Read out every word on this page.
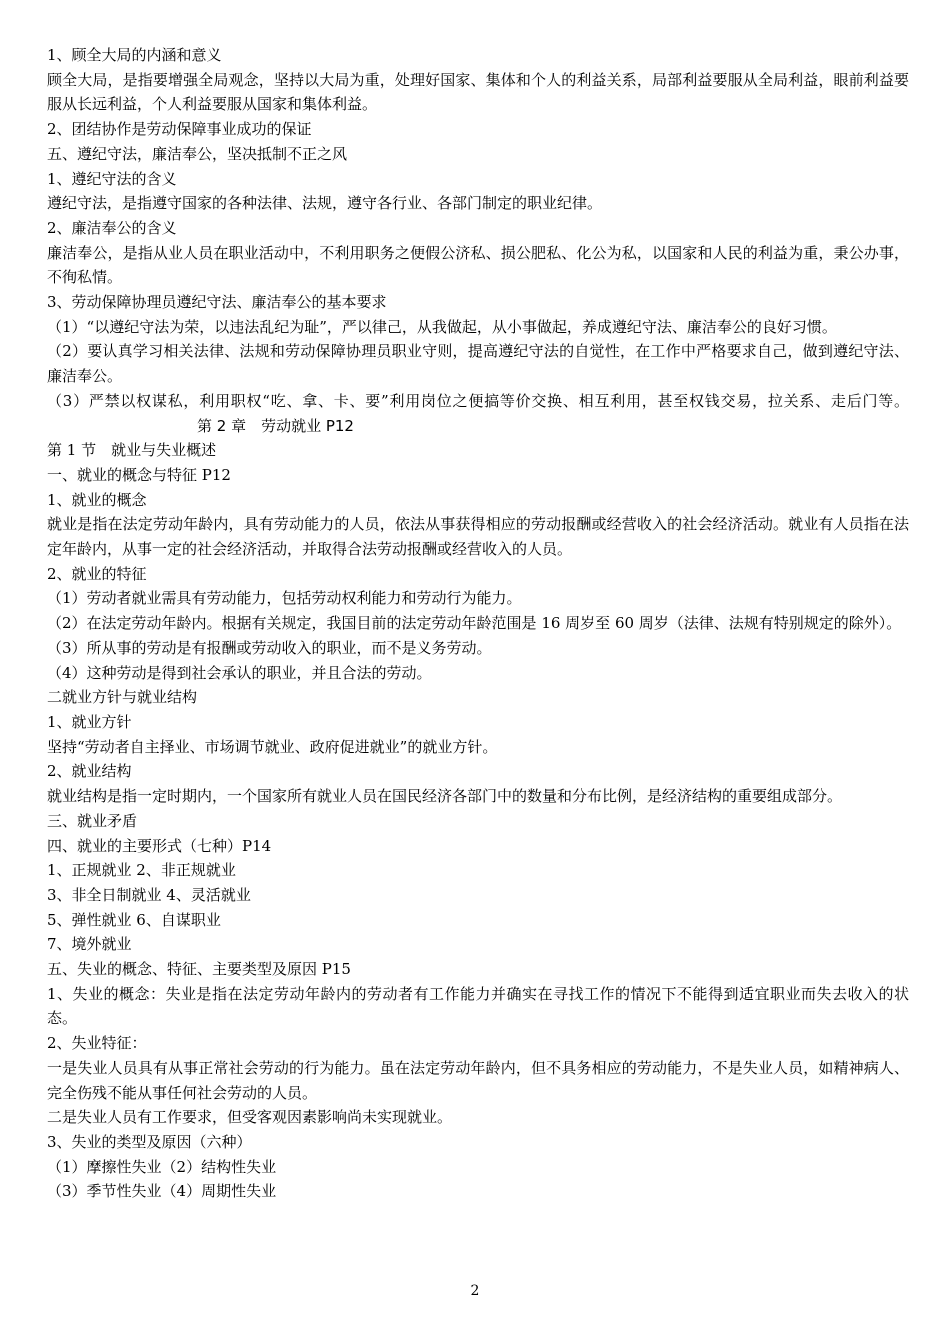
1、顾全大局的内涵和意义
顾全大局，是指要增强全局观念，坚持以大局为重，处理好国家、集体和个人的利益关系，局部利益要服从全局利益，眼前利益要服从长远利益，个人利益要服从国家和集体利益。
2、团结协作是劳动保障事业成功的保证
五、遵纪守法，廉洁奉公，坚决抵制不正之风
1、遵纪守法的含义
遵纪守法，是指遵守国家的各种法律、法规，遵守各行业、各部门制定的职业纪律。
2、廉洁奉公的含义
廉洁奉公，是指从业人员在职业活动中，不利用职务之便假公济私、损公肥私、化公为私，以国家和人民的利益为重，秉公办事，不徇私情。
3、劳动保障协理员遵纪守法、廉洁奉公的基本要求
（1）“以遵纪守法为荣，以违法乱纪为耻”，严以律己，从我做起，从小事做起，养成遵纪守法、廉洁奉公的良好习惯。
（2）要认真学习相关法律、法规和劳动保障协理员职业守则，提高遵纪守法的自觉性，在工作中严格要求自己，做到遵纪守法、廉洁奉公。
（3）严禁以权谋私，利用职权“吃、拿、卡、要”利用岗位之便搞等价交换、相互利用，甚至权钱交易，拉关系、走后门等。第 2 章　劳动就业 P12
第 1 节　就业与失业概述
一、就业的概念与特征 P12
1、就业的概念
就业是指在法定劳动年龄内，具有劳动能力的人员，依法从事获得相应的劳动报酬或经营收入的社会经济活动。就业有人员指在法定年龄内，从事一定的社会经济活动，并取得合法劳动报酬或经营收入的人员。
2、就业的特征
（1）劳动者就业需具有劳动能力，包括劳动权利能力和劳动行为能力。
（2）在法定劳动年龄内。根据有关规定，我国目前的法定劳动年龄范围是 16 周岁至 60 周岁（法律、法规有特别规定的除外）。
（3）所从事的劳动是有报酬或劳动收入的职业，而不是义务劳动。
（4）这种劳动是得到社会承认的职业，并且合法的劳动。
二就业方针与就业结构
1、就业方针
坚持“劳动者自主择业、市场调节就业、政府促进就业”的就业方针。
2、就业结构
就业结构是指一定时期内，一个国家所有就业人员在国民经济各部门中的数量和分布比例，是经济结构的重要组成部分。
三、就业矛盾
四、就业的主要形式（七种）P14
1、正规就业 2、非正规就业
3、非全日制就业 4、灵活就业
5、弹性就业 6、自谋职业
7、境外就业
五、失业的概念、特征、主要类型及原因 P15
1、失业的概念：失业是指在法定劳动年龄内的劳动者有工作能力并确实在寻找工作的情况下不能得到适宜职业而失去收入的状态。
2、失业特征：
一是失业人员具有从事正常社会劳动的行为能力。虽在法定劳动年龄内，但不具务相应的劳动能力，不是失业人员，如精神病人、完全伤残不能从事任何社会劳动的人员。
二是失业人员有工作要求，但受客观因素影响尚未实现就业。
3、失业的类型及原因（六种）
（1）摩擦性失业（2）结构性失业
（3）季节性失业（4）周期性失业
2
